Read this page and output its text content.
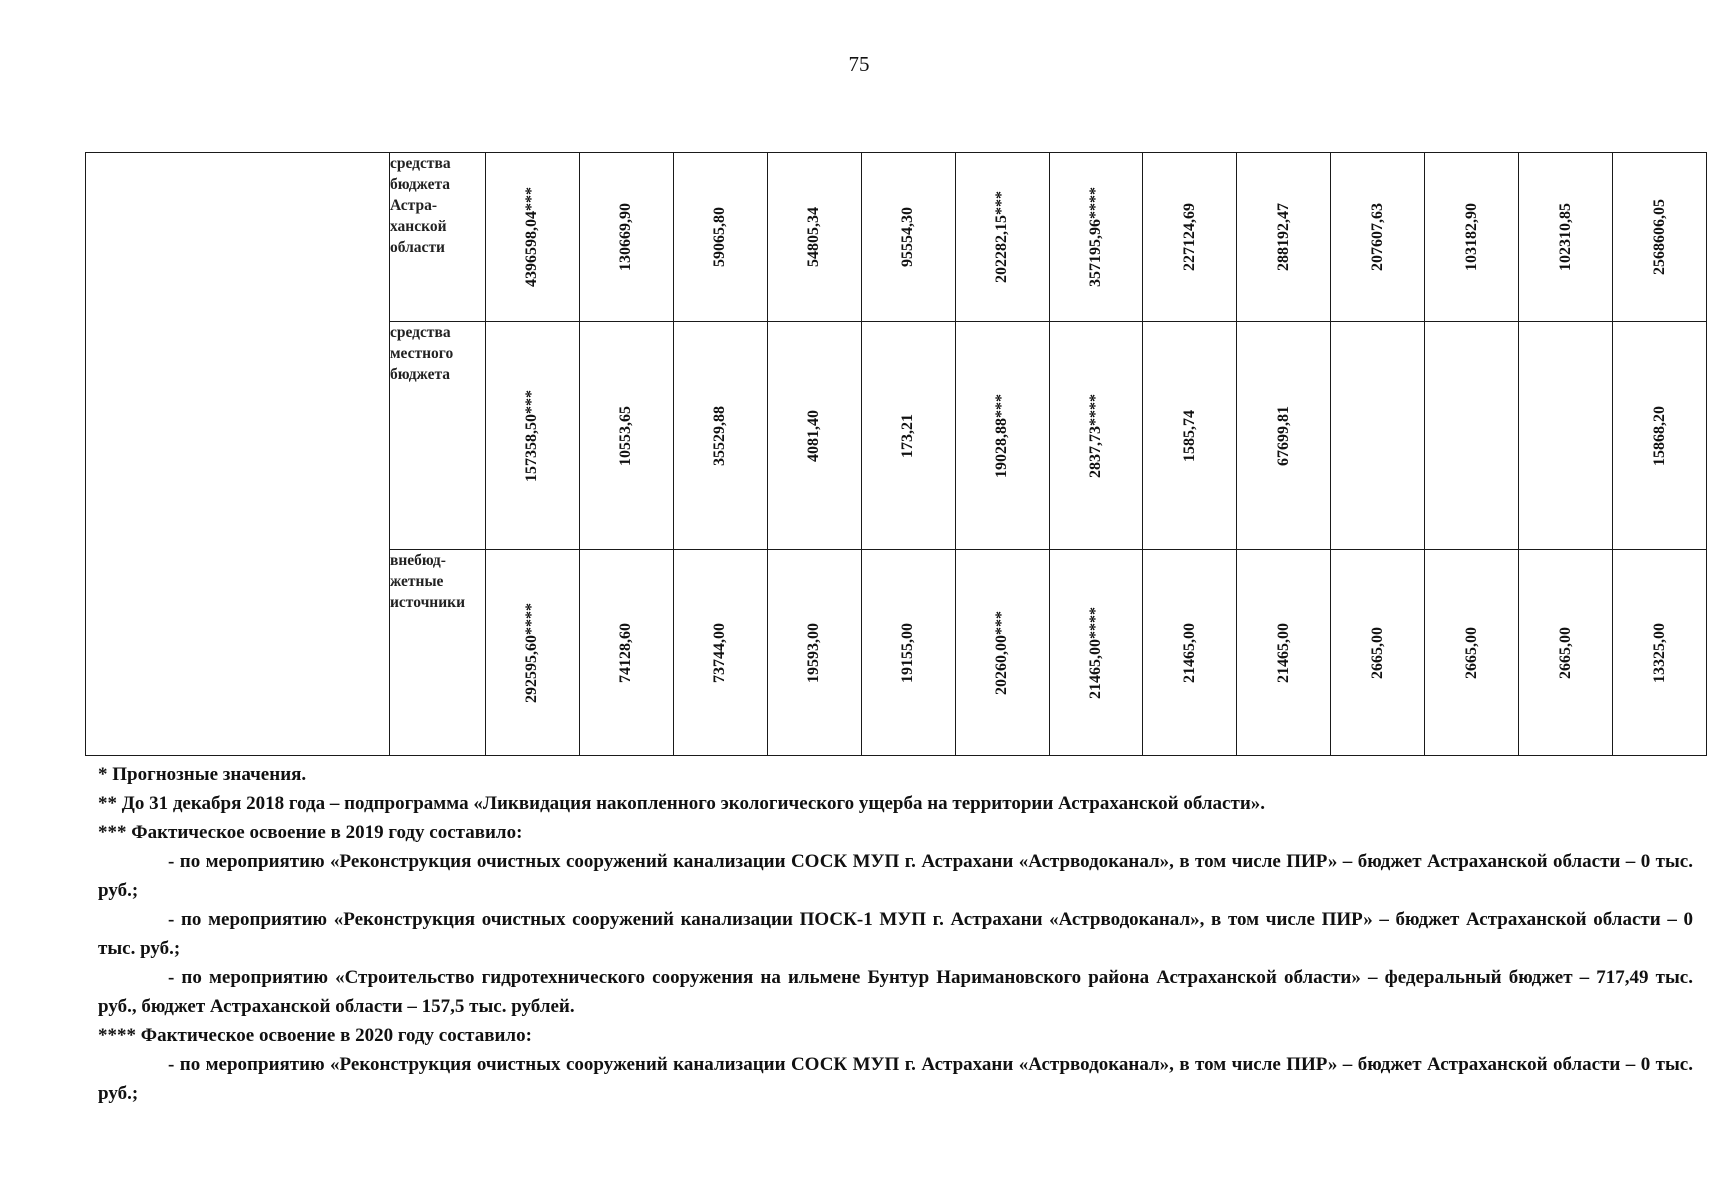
75
	средства бюджета Астра-ханской области	4396598,04***	130669,90	59065,80	54805,34	95554,30	202282,15***	357195,96****	227124,69	288192,47	207607,63	103182,90	102310,85	2568606,05

	средства местного бюджета	157358,50***	10553,65	35529,88	4081,40	173,21	19028,88***	2837,73****	1585,74	67699,81				15868,20

	внебюд-жетные источники	292595,60****	74128,60	73744,00	19593,00	19155,00	20260,00***	21465,00****	21465,00	21465,00	2665,00	2665,00	2665,00	13325,00

* Прогнозные значения.

** До 31 декабря 2018 года – подпрограмма «Ликвидация накопленного экологического ущерба на территории Астраханской области».

*** Фактическое освоение в 2019 году составило:

- по мероприятию «Реконструкция очистных сооружений канализации СОСК МУП г. Астрахани «Астрводоканал», в том числе ПИР» – бюджет Астраханской области – 0 тыс. руб.;

- по мероприятию «Реконструкция очистных сооружений канализации ПОСК-1 МУП г. Астрахани «Астрводоканал», в том числе ПИР» – бюджет Астраханской области – 0 тыс. руб.;

- по мероприятию «Строительство гидротехнического сооружения на ильмене Бунтур Наримановского района Астраханской области» – федеральный бюджет – 717,49 тыс. руб., бюджет Астраханской области – 157,5 тыс. рублей.

**** Фактическое освоение в 2020 году составило:

- по мероприятию «Реконструкция очистных сооружений канализации СОСК МУП г. Астрахани «Астрводоканал», в том числе ПИР» – бюджет Астраханской области – 0 тыс. руб.;
